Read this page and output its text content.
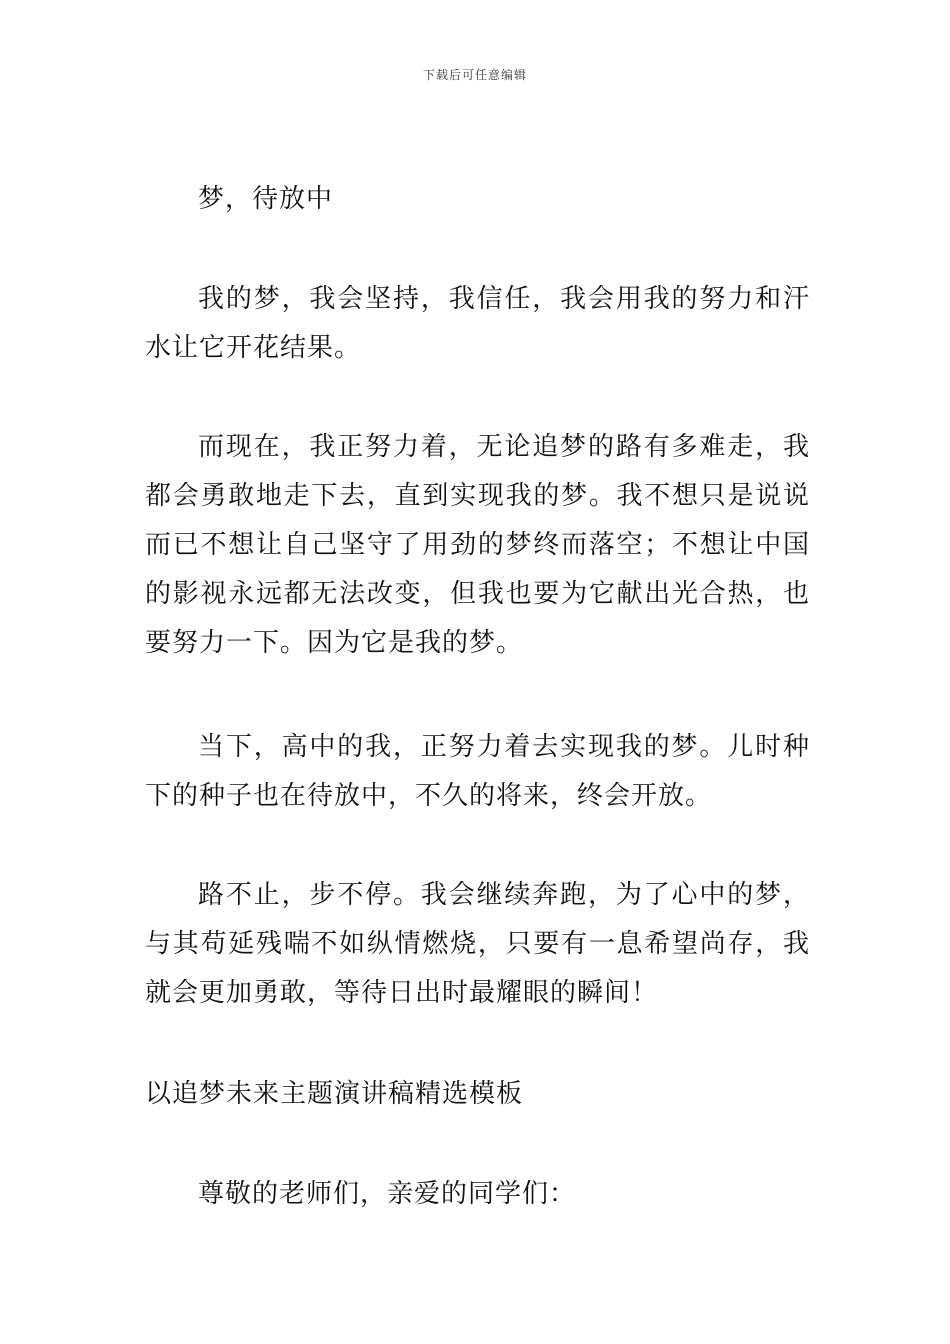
下载后可任意编辑

梦，待放中

我的梦，我会坚持，我信任，我会用我的努力和汗水让它开花结果。

而现在，我正努力着，无论追梦的路有多难走，我都会勇敢地走下去，直到实现我的梦。我不想只是说说而已不想让自己坚守了用劲的梦终而落空；不想让中国的影视永远都无法改变，但我也要为它献出光合热，也要努力一下。因为它是我的梦。

当下，高中的我，正努力着去实现我的梦。儿时种下的种子也在待放中，不久的将来，终会开放。

路不止，步不停。我会继续奔跑，为了心中的梦，与其苟延残喘不如纵情燃烧，只要有一息希望尚存，我就会更加勇敢，等待日出时最耀眼的瞬间！

以追梦未来主题演讲稿精选模板

尊敬的老师们，亲爱的同学们：
